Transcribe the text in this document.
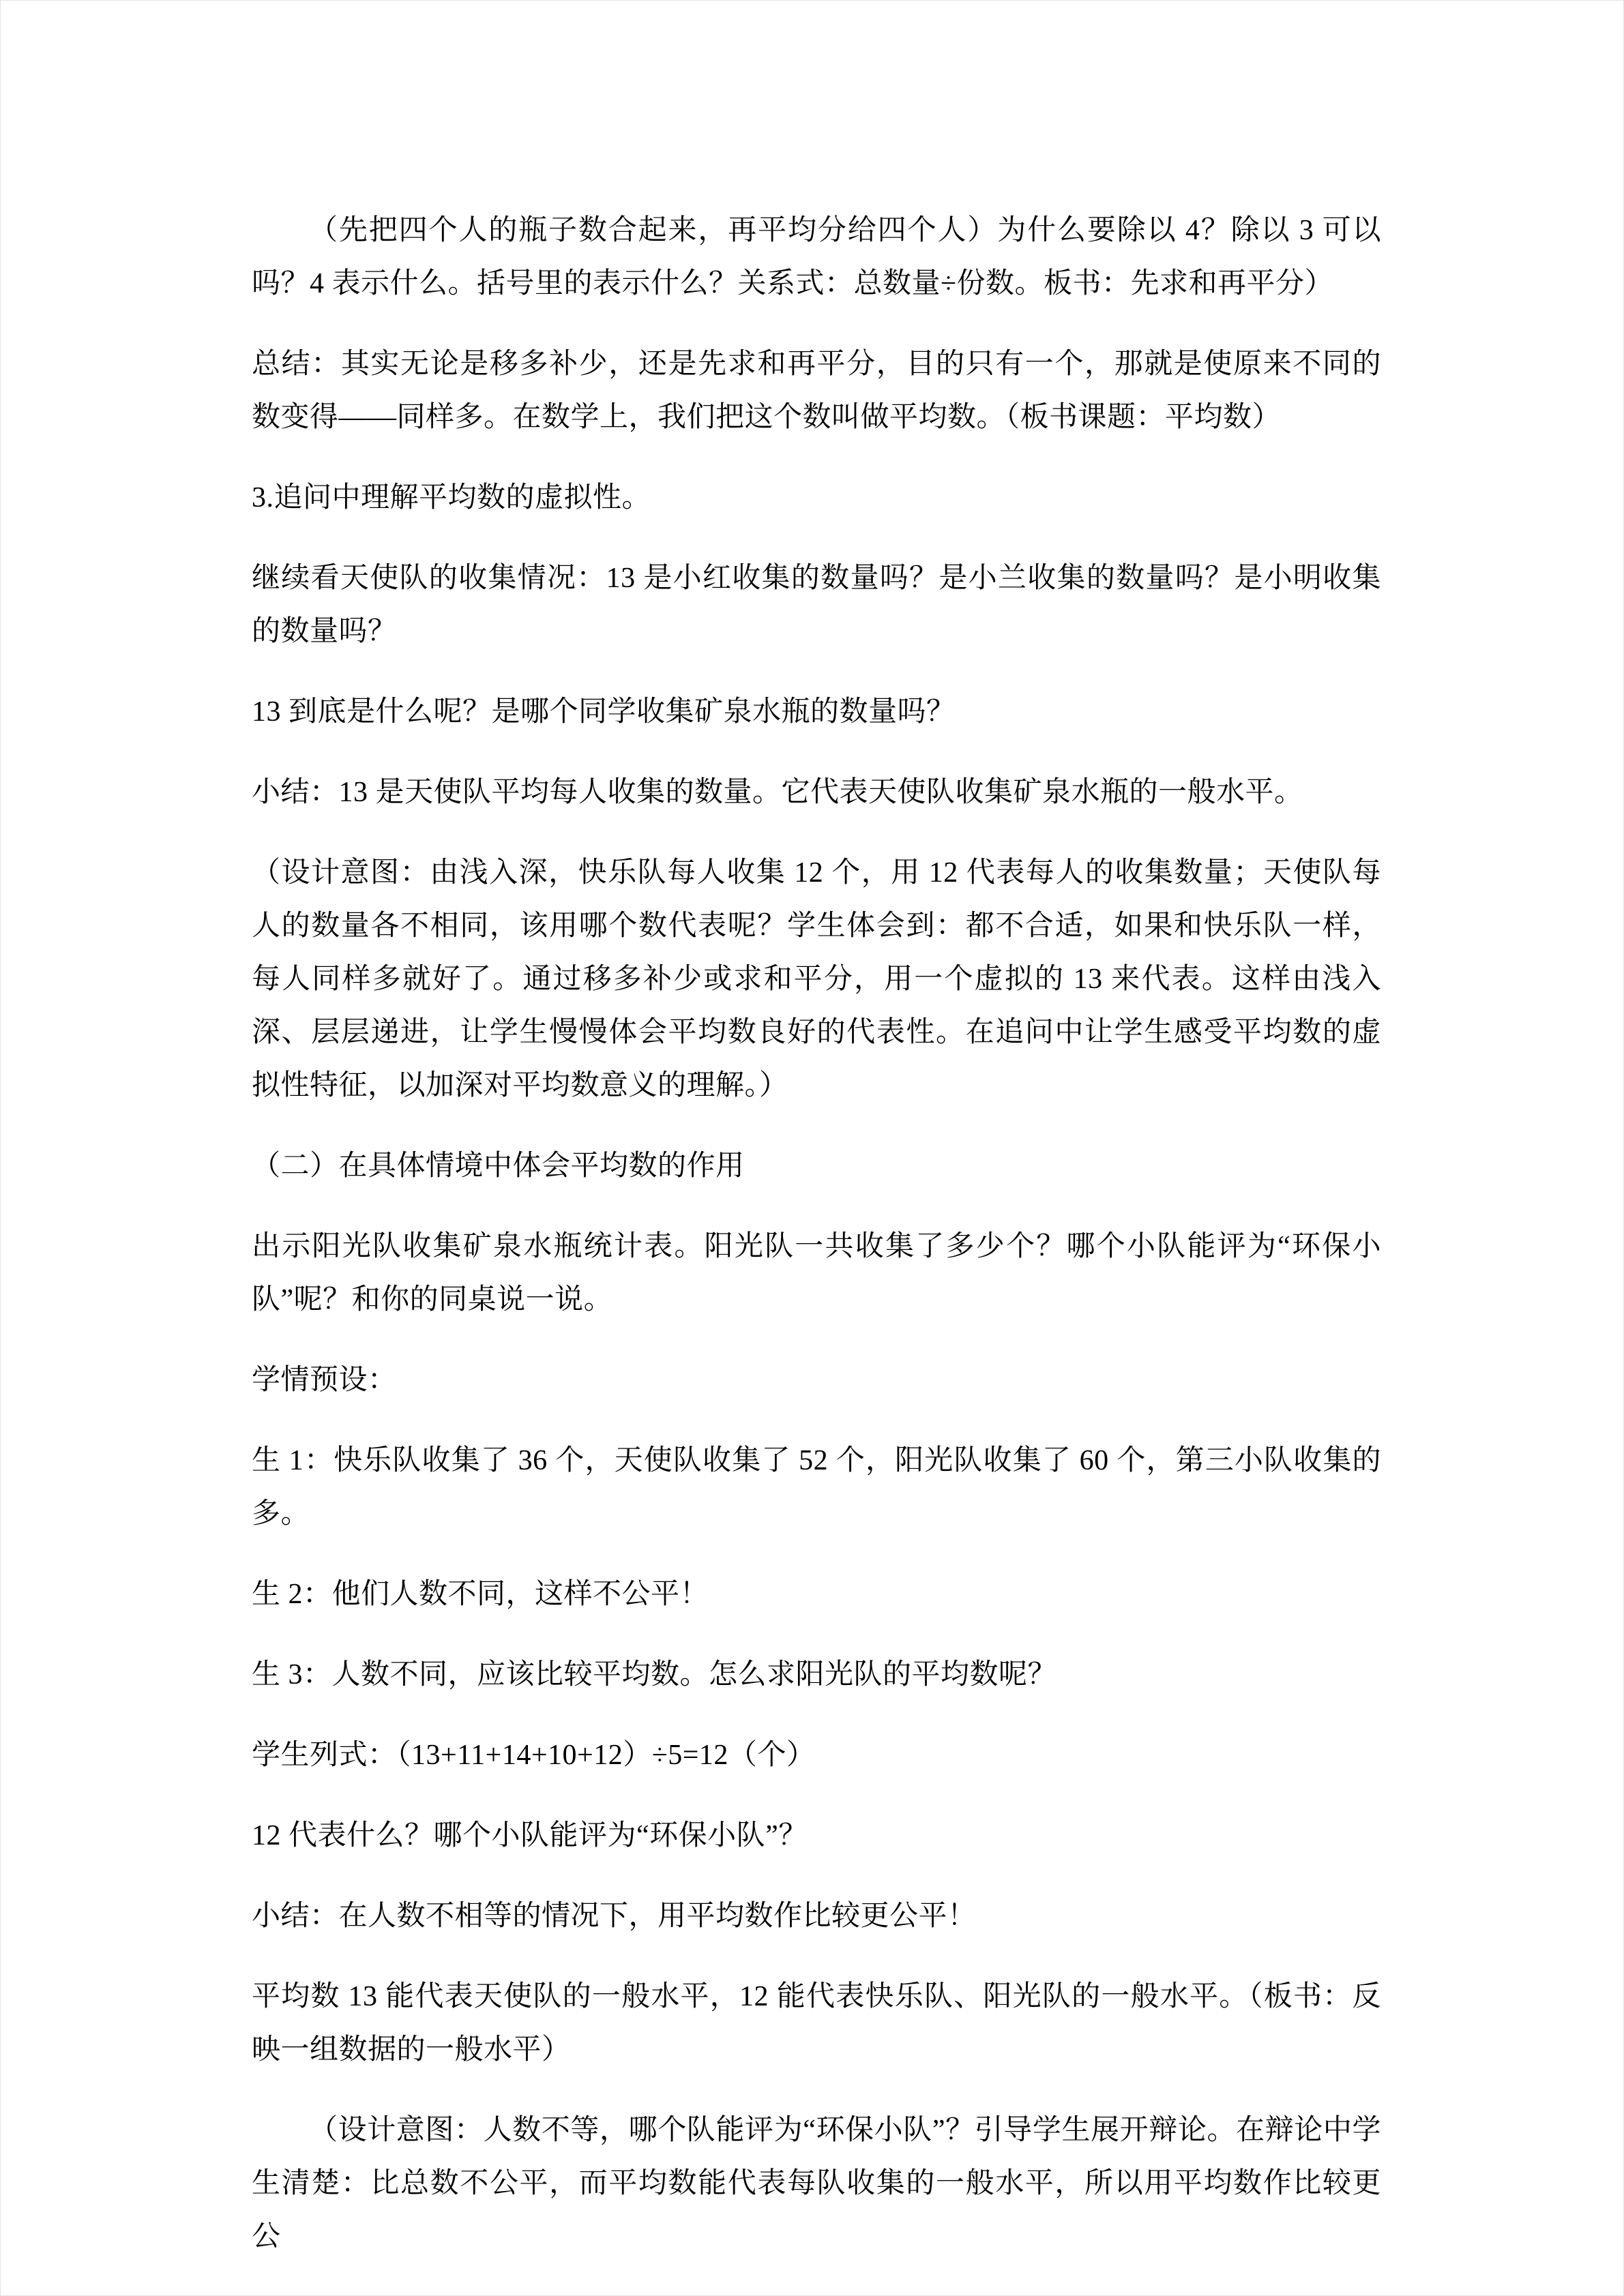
（先把四个人的瓶子数合起来，再平均分给四个人）为什么要除以 4？除以 3 可以吗？4 表示什么。括号里的表示什么？关系式：总数量÷份数。板书：先求和再平分）

总结：其实无论是移多补少，还是先求和再平分，目的只有一个，那就是使原来不同的数变得——同样多。在数学上，我们把这个数叫做平均数。（板书课题：平均数）

3.追问中理解平均数的虚拟性。

继续看天使队的收集情况：13 是小红收集的数量吗？是小兰收集的数量吗？是小明收集的数量吗？

13 到底是什么呢？是哪个同学收集矿泉水瓶的数量吗？

小结：13 是天使队平均每人收集的数量。它代表天使队收集矿泉水瓶的一般水平。

（设计意图：由浅入深，快乐队每人收集 12 个，用 12 代表每人的收集数量；天使队每人的数量各不相同，该用哪个数代表呢？学生体会到：都不合适，如果和快乐队一样，每人同样多就好了。通过移多补少或求和平分，用一个虚拟的 13 来代表。这样由浅入深、层层递进，让学生慢慢体会平均数良好的代表性。在追问中让学生感受平均数的虚拟性特征，以加深对平均数意义的理解。）

（二）在具体情境中体会平均数的作用

出示阳光队收集矿泉水瓶统计表。阳光队一共收集了多少个？哪个小队能评为“环保小队”呢？和你的同桌说一说。

学情预设：

生 1：快乐队收集了 36 个，天使队收集了 52 个，阳光队收集了 60 个，第三小队收集的多。

生 2：他们人数不同，这样不公平！

生 3：人数不同，应该比较平均数。怎么求阳光队的平均数呢？

学生列式：（13+11+14+10+12）÷5=12（个）

12 代表什么？哪个小队能评为“环保小队”？

小结：在人数不相等的情况下，用平均数作比较更公平！

平均数 13 能代表天使队的一般水平，12 能代表快乐队、阳光队的一般水平。（板书：反映一组数据的一般水平）

（设计意图：人数不等，哪个队能评为“环保小队”？引导学生展开辩论。在辩论中学生清楚：比总数不公平，而平均数能代表每队收集的一般水平，所以用平均数作比较更公
